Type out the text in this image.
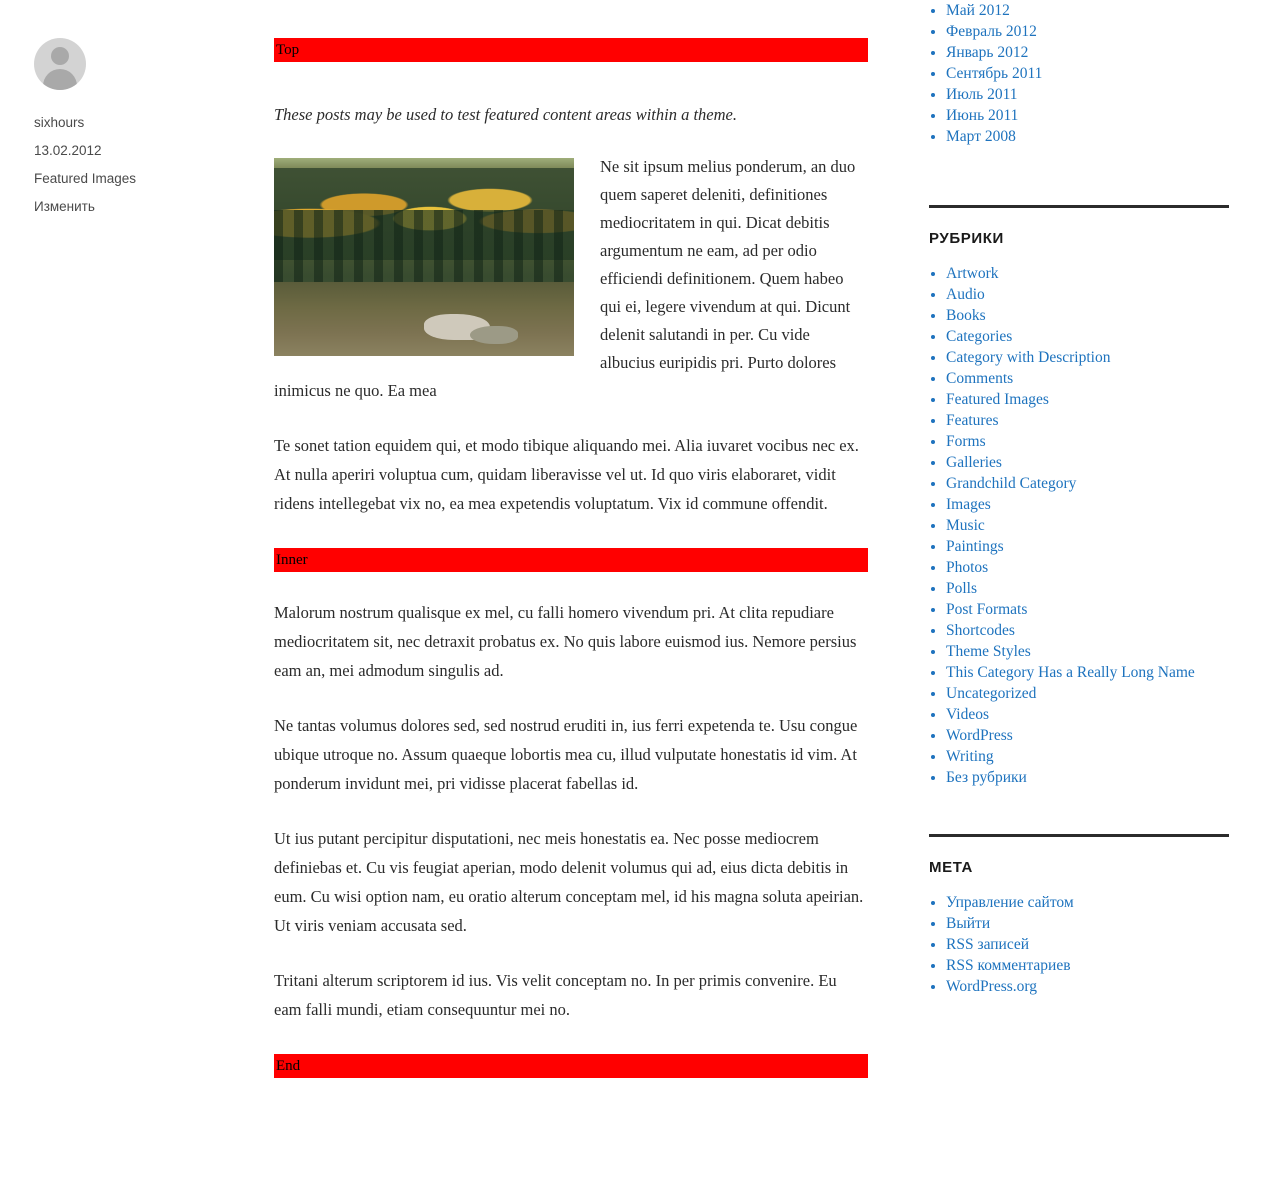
sixhours
13.02.2012
Featured Images
Изменить
Top

These posts may be used to test featured content areas within a theme.

Ne sit ipsum melius ponderum, an duo quem saperet deleniti, definitiones mediocritatem in qui. Dicat debitis argumentum ne eam, ad per odio efficiendi definitionem. Quem habeo qui ei, legere vivendum at qui. Dicunt delenit salutandi in per. Cu vide albucius euripidis pri. Purto dolores inimicus ne quo. Ea mea

Te sonet tation equidem qui, et modo tibique aliquando mei. Alia iuvaret vocibus nec ex. At nulla aperiri voluptua cum, quidam liberavisse vel ut. Id quo viris elaboraret, vidit ridens intellegebat vix no, ea mea expetendis voluptatum. Vix id commune offendit.

Inner

Malorum nostrum qualisque ex mel, cu falli homero vivendum pri. At clita repudiare mediocritatem sit, nec detraxit probatus ex. No quis labore euismod ius. Nemore persius eam an, mei admodum singulis ad.

Ne tantas volumus dolores sed, sed nostrud eruditi in, ius ferri expetenda te. Usu congue ubique utroque no. Assum quaeque lobortis mea cu, illud vulputate honestatis id vim. At ponderum invidunt mei, pri vidisse placerat fabellas id.

Ut ius putant percipitur disputationi, nec meis honestatis ea. Nec posse mediocrem definiebas et. Cu vis feugiat aperian, modo delenit volumus qui ad, eius dicta debitis in eum. Cu wisi option nam, eu oratio alterum conceptam mel, id his magna soluta apeirian. Ut viris veniam accusata sed.

Tritani alterum scriptorem id ius. Vis velit conceptam no. In per primis convenire. Eu eam falli mundi, etiam consequuntur mei no.

End
• Май 2012
• Февраль 2012
• Январь 2012
• Сентябрь 2011
• Июль 2011
• Июнь 2011
• Март 2008
РУБРИКИ
• Artwork
• Audio
• Books
• Categories
• Category with Description
• Comments
• Featured Images
• Features
• Forms
• Galleries
• Grandchild Category
• Images
• Music
• Paintings
• Photos
• Polls
• Post Formats
• Shortcodes
• Theme Styles
• This Category Has a Really Long Name
• Uncategorized
• Videos
• WordPress
• Writing
• Без рубрики
МЕТА
• Управление сайтом
• Выйти
• RSS записей
• RSS комментариев
• WordPress.org
